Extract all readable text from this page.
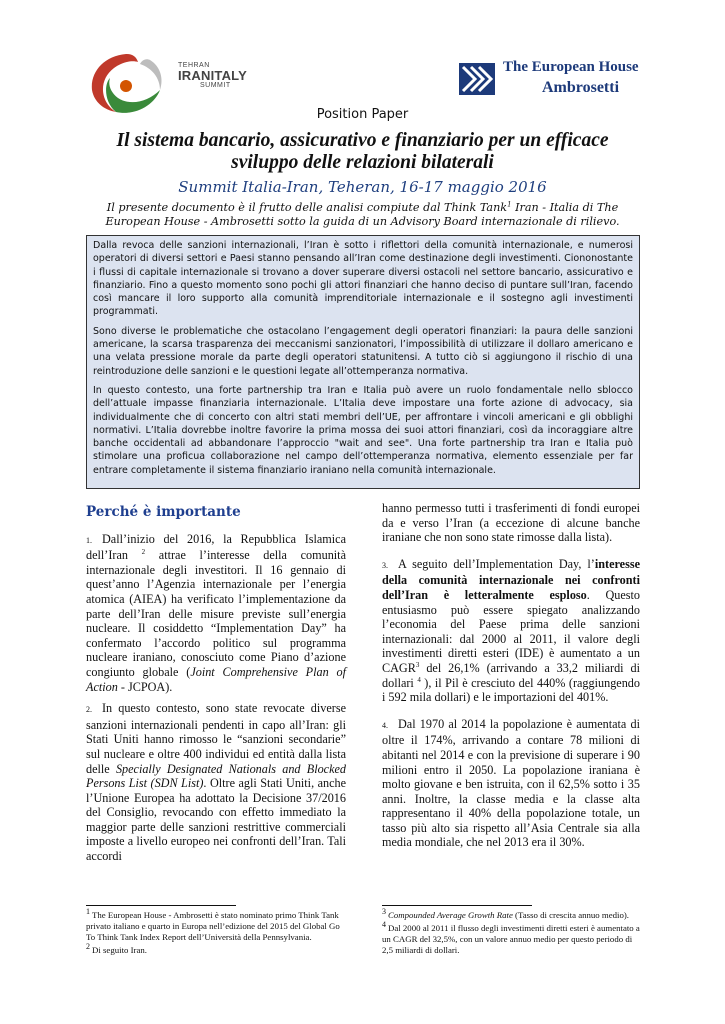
TEHRAN
IRANITALY
SUMMIT
The European House
Ambrosetti
Position Paper
Il sistema bancario, assicurativo e finanziario per un efficace sviluppo delle relazioni bilaterali
Summit Italia-Iran, Teheran, 16-17 maggio 2016
Il presente documento è il frutto delle analisi compiute dal Think Tank$^1$ Iran - Italia di The European House - Ambrosetti sotto la guida di un Advisory Board internazionale di rilievo.

Dalla revoca delle sanzioni internazionali, l’Iran è sotto i riflettori della comunità internazionale, e numerosi operatori di diversi settori e Paesi stanno pensando all’Iran come destinazione degli investimenti. Ciononostante i flussi di capitale internazionale si trovano a dover superare diversi ostacoli nel settore bancario, assicurativo e finanziario. Fino a questo momento sono pochi gli attori finanziari che hanno deciso di puntare sull’Iran, facendo così mancare il loro supporto alla comunità imprenditoriale internazionale e il sostegno agli investimenti programmati.

Sono diverse le problematiche che ostacolano l’engagement degli operatori finanziari: la paura delle sanzioni americane, la scarsa trasparenza dei meccanismi sanzionatori, l’impossibilità di utilizzare il dollaro americano e una velata pressione morale da parte degli operatori statunitensi. A tutto ciò si aggiungono il rischio di una reintroduzione delle sanzioni e le questioni legate all’ottemperanza normativa.

In questo contesto, una forte partnership tra Iran e Italia può avere un ruolo fondamentale nello sblocco dell’attuale impasse finanziaria internazionale. L’Italia deve impostare una forte azione di advocacy, sia individualmente che di concerto con altri stati membri dell’UE, per affrontare i vincoli americani e gli obblighi normativi. L’Italia dovrebbe inoltre favorire la prima mossa dei suoi attori finanziari, così da incoraggiare altre banche occidentali ad abbandonare l’approccio "wait and see". Una forte partnership tra Iran e Italia può stimolare una proficua collaborazione nel campo dell’ottemperanza normativa, elemento essenziale per far entrare completamente il sistema finanziario iraniano nella comunità internazionale.

Perché è importante

1. Dall’inizio del 2016, la Repubblica Islamica dell’Iran $^2$ attrae l’interesse della comunità internazionale degli investitori. Il 16 gennaio di quest’anno l’Agenzia internazionale per l’energia atomica (AIEA) ha verificato l’implementazione da parte dell’Iran delle misure previste sull’energia nucleare. Il cosiddetto “Implementation Day” ha confermato l’accordo politico sul programma nucleare iraniano, conosciuto come Piano d’azione congiunto globale (Joint Comprehensive Plan of Action - JCPOA).

2. In questo contesto, sono state revocate diverse sanzioni internazionali pendenti in capo all’Iran: gli Stati Uniti hanno rimosso le “sanzioni secondarie” sul nucleare e oltre 400 individui ed entità dalla lista delle Specially Designated Nationals and Blocked Persons List (SDN List). Oltre agli Stati Uniti, anche l’Unione Europea ha adottato la Decisione 37/2016 del Consiglio, revocando con effetto immediato la maggior parte delle sanzioni restrittive commerciali imposte a livello europeo nei confronti dell’Iran. Tali accordi

hanno permesso tutti i trasferimenti di fondi europei da e verso l’Iran (a eccezione di alcune banche iraniane che non sono state rimosse dalla lista).

3. A seguito dell’Implementation Day, l’interesse della comunità internazionale nei confronti dell’Iran è letteralmente esploso. Questo entusiasmo può essere spiegato analizzando l’economia del Paese prima delle sanzioni internazionali: dal 2000 al 2011, il valore degli investimenti diretti esteri (IDE) è aumentato a un CAGR$^3$ del 26,1% (arrivando a 33,2 miliardi di dollari $^4$ ), il Pil è cresciuto del 440% (raggiungendo i 592 mila dollari) e le importazioni del 401%.

4. Dal 1970 al 2014 la popolazione è aumentata di oltre il 174%, arrivando a contare 78 milioni di abitanti nel 2014 e con la previsione di superare i 90 milioni entro il 2050. La popolazione iraniana è molto giovane e ben istruita, con il 62,5% sotto i 35 anni. Inoltre, la classe media e la classe alta rappresentano il 40% della popolazione totale, un tasso più alto sia rispetto all’Asia Centrale sia alla media mondiale, che nel 2013 era il 30%.

1 The European House - Ambrosetti è stato nominato primo Think Tank privato italiano e quarto in Europa nell’edizione del 2015 del Global Go To Think Tank Index Report dell’Università della Pennsylvania.

2 Di seguito Iran.

3 Compounded Average Growth Rate (Tasso di crescita annuo medio).

4 Dal 2000 al 2011 il flusso degli investimenti diretti esteri è aumentato a un CAGR del 32,5%, con un valore annuo medio per questo periodo di 2,5 miliardi di dollari.
